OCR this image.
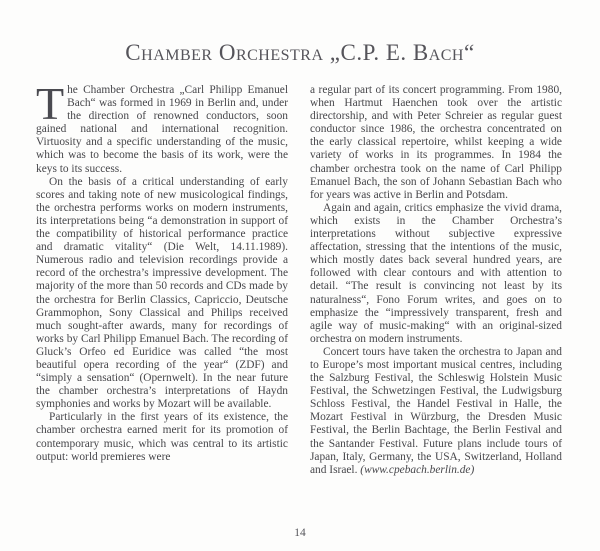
Chamber Orchestra „C.P. E. Bach“

The Chamber Orchestra „Carl Philipp Emanuel Bach“ was formed in 1969 in Berlin and, under the direction of renowned conductors, soon gained national and international recognition. Virtuosity and a specific understanding of the music, which was to become the basis of its work, were the keys to its success.

On the basis of a critical understanding of early scores and taking note of new musicological findings, the orchestra performs works on modern instruments, its interpretations being “a demonstration in support of the compatibility of historical performance practice and dramatic vitality“ (Die Welt, 14.11.1989). Numerous radio and television recordings provide a record of the orchestra’s impressive development. The majority of the more than 50 records and CDs made by the orchestra for Berlin Classics, Capriccio, Deutsche Grammophon, Sony Classical and Philips received much sought-after awards, many for recordings of works by Carl Philipp Emanuel Bach. The recording of Gluck’s Orfeo ed Euridice was called “the most beautiful opera recording of the year“ (ZDF) and “simply a sensation“ (Opernwelt). In the near future the chamber orchestra’s interpretations of Haydn symphonies and works by Mozart will be available.

Particularly in the first years of its existence, the chamber orchestra earned merit for its promotion of contemporary music, which was central to its artistic output: world premieres were

a regular part of its concert programming. From 1980, when Hartmut Haenchen took over the artistic directorship, and with Peter Schreier as regular guest conductor since 1986, the orchestra concentrated on the early classical repertoire, whilst keeping a wide variety of works in its programmes. In 1984 the chamber orchestra took on the name of Carl Philipp Emanuel Bach, the son of Johann Sebastian Bach who for years was active in Berlin and Potsdam.

Again and again, critics emphasize the vivid drama, which exists in the Chamber Orchestra’s interpretations without subjective expressive affectation, stressing that the intentions of the music, which mostly dates back several hundred years, are followed with clear contours and with attention to detail. “The result is convincing not least by its naturalness“, Fono Forum writes, and goes on to emphasize the “impressively transparent, fresh and agile way of music-making“ with an original-sized orchestra on modern instruments.

Concert tours have taken the orchestra to Japan and to Europe’s most important musical centres, including the Salzburg Festival, the Schleswig Holstein Music Festival, the Schwetzingen Festival, the Ludwigsburg Schloss Festival, the Handel Festival in Halle, the Mozart Festival in Würzburg, the Dresden Music Festival, the Berlin Bachtage, the Berlin Festival and the Santander Festival. Future plans include tours of Japan, Italy, Germany, the USA, Switzerland, Holland and Israel. (www.cpebach.berlin.de)

14
